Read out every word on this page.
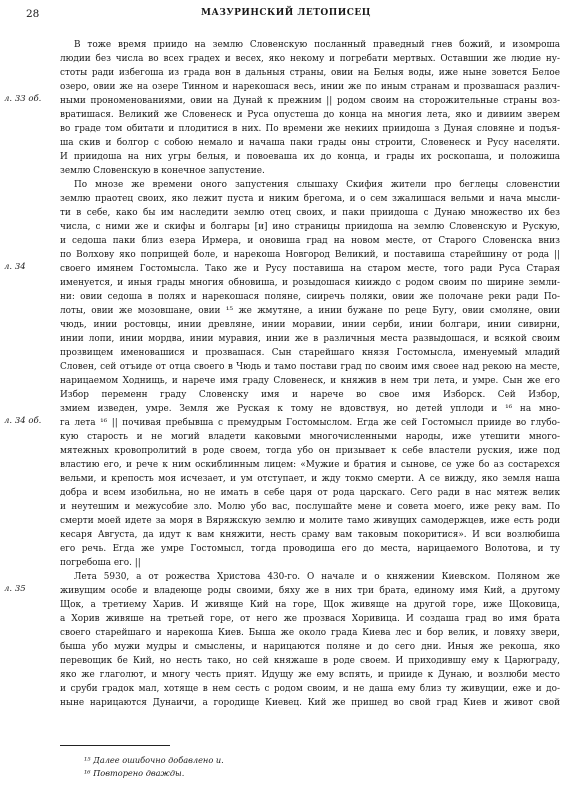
28	МАЗУРИНСКИЙ ЛЕТОПИСЕЦ
л. 33 об.
л. 34
л. 34 об.
л. 35
В тоже время приидо на землю Словенскую посланный праведный гнев божий, и изомроша
людии без числа во всех градех и весех, яко некому и погребати мертвых. Оставшии же людие ну-
стоты ради избегоша из града вон в дальныя страны, овии на Белыя воды, иже ныне зовется Белое
озеро, овии же на озере Тинном и нарекошася весь, инии же по иным странам и прозвашася различ-
ными прономенованиями, овии на Дунай к прежним || родом своим на сторожительные страны воз-
вратишася. Великий же Словенеск и Руса опустеша до конца на многия лета, яко и дивиим зверем
во граде том обитати и плодитися в них. По времени же некиих приидоша з Дуная словяне и подъя-
ша скив и болгор с собою немало и начаша паки грады оны строити, Словенеск и Русу населяти.
И приидоша на них угры белыя, и повоеваша их до конца, и грады их роскопаша, и положиша
землю Словенскую в конечное запустение.
По мнозе же времени оного запустения слышаху Скифия жители про беглецы словенстии
землю праотец своих, яко лежит пуста и никим брегома, и о сем зжалишася вельми и нача мысли-
ти в себе, како бы им наследити землю отец своих, и паки приидоша с Дунаю множество их без
числа, с ними же и скифы и болгары [и] ино страницы приидоша на землю Словенскую и Рускую,
и седоша паки близ езера Ирмера, и оновиша град на новом месте, от Старого Словенска вниз
по Волхову яко поприщей боле, и нарекоша Новгород Великий, и поставиша старейшину от рода ||
своего имянем Гостомысла. Тако же и Русу поставиша на старом месте, того ради Руса Старая
именуется, и иныя грады многия обновиша, и розыдошася кииждо с родом своим по ширине земли-
ни: овии седоша в полях и нарекошася поляне, сииречь поляки, овии же полочане реки ради По-
лоты, овии же мозовшане, овии ¹⁵ же жмутяне, а инии бужане по реце Бугу, овии смоляне, овии
чюдь, инии ростовцы, инии древляне, инии моравии, инии серби, инии болгари, инии сивирни,
инии лопи, инии мордва, инии муравия, инии же в различныя места развыдошася, и всякой своим
прозвищем именовашися и прозвашася. Сын старейшаго князя Гостомысла, именуемый младий
Словен, сей отъиде от отца своего в Чюдь и тамо постави град по своим имя своее над рекою на месте,
нарицаемом Ходнищь, и нарече имя граду Словенеск, и княжив в нем три лета, и умре. Сын же его
Избор переменн граду Словенску имя и нарече во свое имя Изборск. Сей Избор,
змием изведен, умре. Земля же Руская к тому не вдовствуя, но детей уплоди и ¹⁶ на мно-
га лета ¹⁶ || почивая пребывша с премудрым Гостомыслом. Егда же сей Гостомысл прииде во глубо-
кую старость и не могий владети каковыми многочисленными народы, иже утешити много-
мятежных кровопролитий в роде своем, тогда убо он призывает к себе властели руския, иже под
властию его, и рече к ним оскиблинным лицем: «Мужие и братия и сынове, се уже бо аз состарехся
вельми, и крепость моя исчезает, и ум отступает, и жду токмо смерти. А се вижду, яко земля наша
добра и всем изобильна, но не имать в себе царя от рода царскаго. Сего ради в нас мятеж велик
и неутешим и межусобие зло. Молю убо вас, послушайте мене и совета моего, иже реку вам. По
смерти моей идете за моря в Вяряжскую землю и молите тамо живущих самодержцев, иже есть роди
кесаря Августа, да идут к вам княжити, несть сраму вам таковым покоритися». И вси возлюбиша
его речь. Егда же умре Гостомысл, тогда проводиша его до места, нарицаемого Волотова, и ту
погребоша его. ||
Лета 5930, а от рожества Христова 430-го. О начале и о княжении Киевском. Поляном же
живущим особе и владеюще роды своими, бяху же в них три брата, единому имя Кий, а другому
Щок, а третиему Харив. И живяще Кий на горе, Щок живяще на другой горе, иже Щоковица,
а Хорив живяше на третьей горе, от него же прозвася Хоривица. И создаша град во имя брата
своего старейшаго и нарекоша Киев. Быша же около града Киева лес и бор велик, и ловяху звери,
быша убо мужи мудры и смыслены, и нарицаются поляне и до сего дни. Иныя же рекоша, яко
перевощик бе Кий, но несть тако, но сей княжаше в роде своем. И приходившу ему к Царюграду,
яко же глаголют, и многу честь прият. Идущу же ему вспять, и прииде к Дунаю, и возлюби место
и сруби градок мал, хотяще в нем сесть с родом своим, и не даша ему близ ту живущии, еже и до-
ныне нарицаются Дунаичи, а городище Киевец. Кий же пришед во свой град Киев и живот свой
¹⁵ Далее ошибочно добавлено и.
¹⁶ Повторено дважды.
